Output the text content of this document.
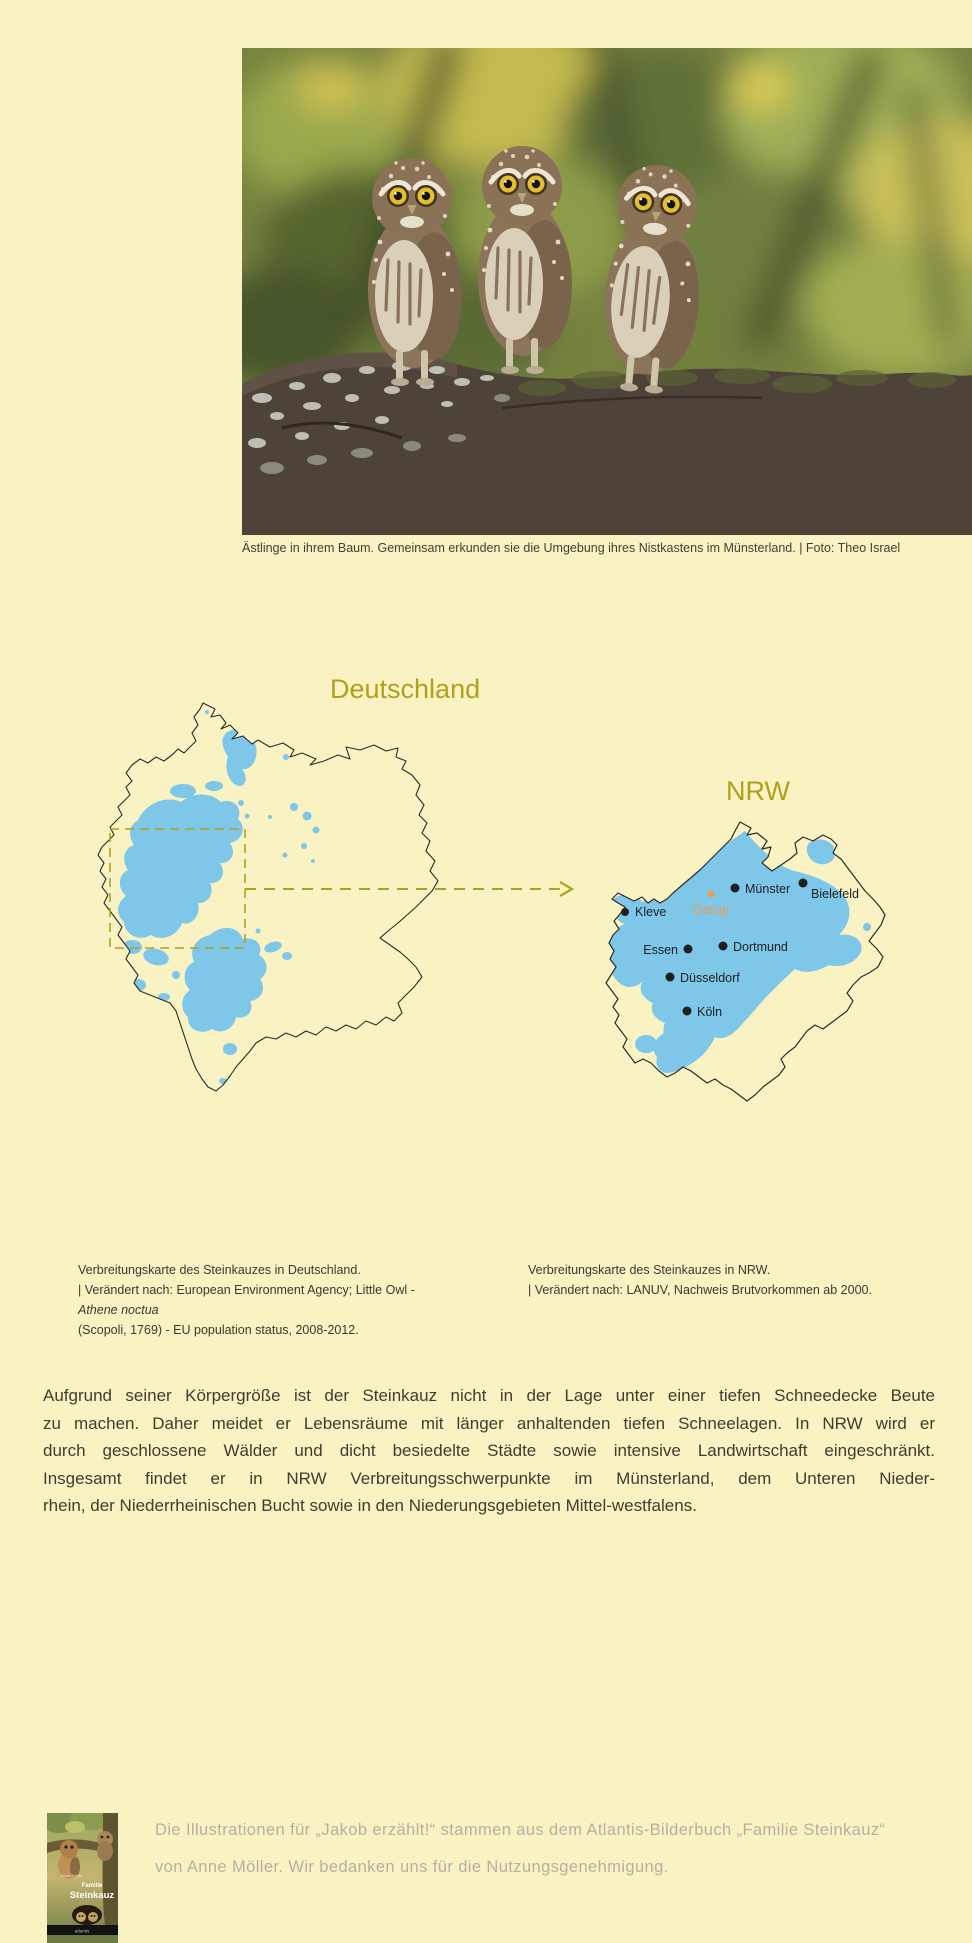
Ästlinge in ihrem Baum. Gemeinsam erkunden sie die Umgebung ihres Nistkastens im Münsterland. | Foto: Theo Israel
Deutschland
NRW
Kleve
Münster Bielefeld
Darup
Essen	Dortmund
Düsseldorf
Köln
Verbreitungskarte des Steinkauzes in Deutschland.
| Verändert nach: European Environment Agency; Little Owl - Athene noctua
(Scopoli, 1769) - EU population status, 2008-2012.
Verbreitungskarte des Steinkauzes in NRW.
| Verändert nach: LANUV, Nachweis Brutvorkommen ab 2000.
Aufgrund seiner Körpergröße ist der Steinkauz nicht in der Lage unter einer tiefen Schneedecke Beute
zu machen. Daher meidet er Lebensräume mit länger anhaltenden tiefen Schneelagen. In NRW wird er
durch geschlossene Wälder und dicht besiedelte Städte sowie intensive Landwirtschaft eingeschränkt.
Insgesamt findet er in NRW Verbreitungsschwerpunkte im Münsterland, dem Unteren Nieder-
rhein, der Niederrheinischen Bucht sowie in den Niederungsgebieten Mittel-westfalens.
Anne Möller
Familie
Steinkauz
atlantis
Die Illustrationen für „Jakob erzählt!“ stammen aus dem Atlantis-Bilderbuch „Familie Steinkauz“
von Anne Möller. Wir bedanken uns für die Nutzungsgenehmigung.
